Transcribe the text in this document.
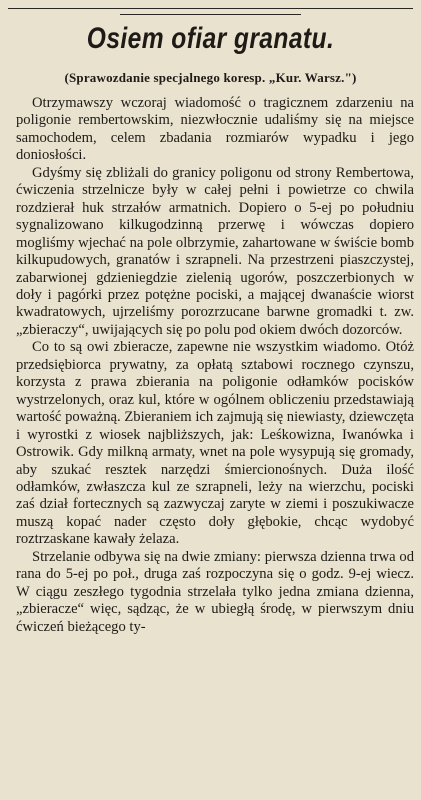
Osiem ofiar granatu.
(Sprawozdanie specjalnego koresp. „Kur. Warsz.")

Otrzymawszy wczoraj wiadomość o tragicznem zdarzeniu na poligonie rembertowskim, niezwłocznie udaliśmy się na miejsce samochodem, celem zbadania rozmiarów wypadku i jego doniosłości.

Gdyśmy się zbliżali do granicy poligonu od strony Rembertowa, ćwiczenia strzelnicze były w całej pełni i powietrze co chwila rozdzierał huk strzałów armatnich. Dopiero o 5-ej po południu sygnalizowano kilkugodzinną przerwę i wówczas dopiero mogliśmy wjechać na pole olbrzymie, zahartowane w świście bomb kilkupudowych, granatów i szrapneli. Na przestrzeni piaszczystej, zabarwionej gdzieniegdzie zielenią ugorów, poszczerbionych w doły i pagórki przez potężne pociski, a mającej dwanaście wiorst kwadratowych, ujrzeliśmy porozrzucane barwne gromadki t. zw. „zbieraczy“, uwijających się po polu pod okiem dwóch dozorców.

Co to są owi zbieracze, zapewne nie wszystkim wiadomo. Otóż przedsiębiorca prywatny, za opłatą sztabowi rocznego czynszu, korzysta z prawa zbierania na poligonie odłamków pocisków wystrzelonych, oraz kul, które w ogólnem obliczeniu przedstawiają wartość poważną. Zbieraniem ich zajmują się niewiasty, dziewczęta i wyrostki z wiosek najbliższych, jak: Leśkowizna, Iwanówka i Ostrowik. Gdy milkną armaty, wnet na pole wysypują się gromady, aby szukać resztek narzędzi śmiercionośnych. Duża ilość odłamków, zwłaszcza kul ze szrapneli, leży na wierzchu, pociski zaś dział fortecznych są zazwyczaj zaryte w ziemi i poszukiwacze muszą kopać nader często doły głębokie, chcąc wydobyć roztrzaskane kawały żelaza.

Strzelanie odbywa się na dwie zmiany: pierwsza dzienna trwa od rana do 5-ej po poł., druga zaś rozpoczyna się o godz. 9-ej wiecz. W ciągu zeszłego tygodnia strzelała tylko jedna zmiana dzienna, „zbieracze“ więc, sądząc, że w ubiegłą środę, w pierwszym dniu ćwiczeń bieżącego ty-
